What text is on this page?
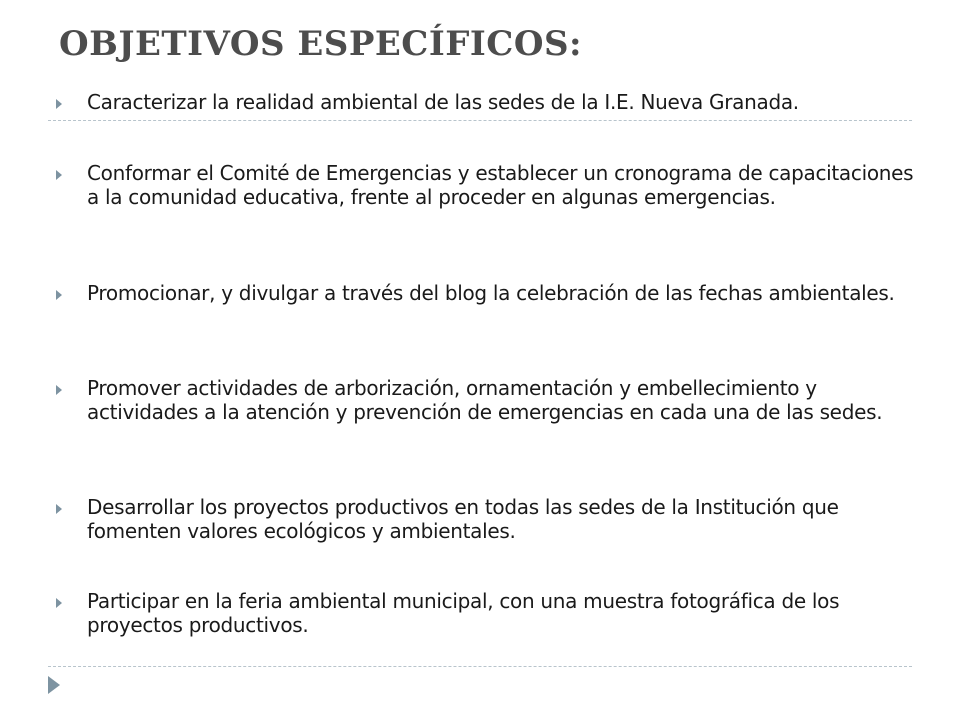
OBJETIVOS ESPECÍFICOS:
Caracterizar la realidad ambiental de las sedes de la I.E. Nueva Granada.
Conformar el Comité de Emergencias y establecer un cronograma de capacitaciones a la comunidad educativa, frente al proceder en algunas emergencias.
Promocionar, y divulgar a través del blog la celebración de las fechas ambientales.
Promover actividades de arborización, ornamentación y embellecimiento y actividades a la atención y prevención de emergencias en cada una de las sedes.
Desarrollar los proyectos productivos en todas las sedes de la Institución que fomenten valores ecológicos y ambientales.
Participar en la feria ambiental municipal, con una muestra fotográfica de los proyectos productivos.
